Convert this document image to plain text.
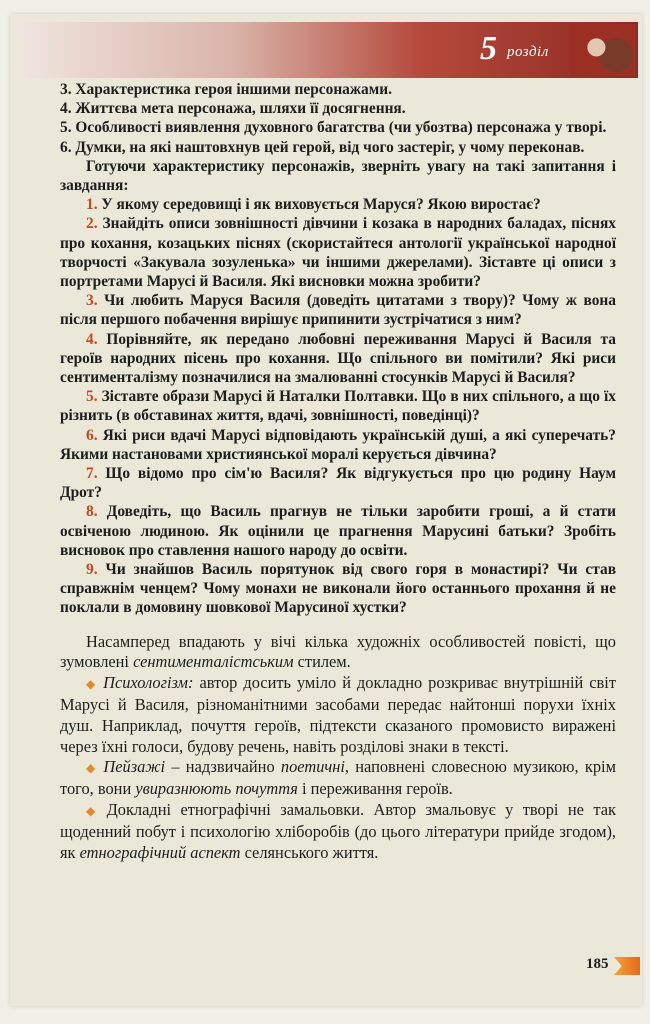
5 розділ

3. Характеристика героя іншими персонажами.

4. Життєва мета персонажа, шляхи її досягнення.

5. Особливості виявлення духовного багатства (чи убозтва) персонажа у творі.

6. Думки, на які наштовхнув цей герой, від чого застеріг, у чому переконав.

Готуючи характеристику персонажів, зверніть увагу на такі запитання і завдання:

1. У якому середовищі і як виховується Маруся? Якою виростає?

2. Знайдіть описи зовнішності дівчини і козака в народних баладах, піснях про кохання, козацьких піснях (скористайтеся антології української народної творчості «Закувала зозуленька» чи іншими джерелами). Зіставте ці описи з портретами Марусі й Василя. Які висновки можна зробити?

3. Чи любить Маруся Василя (доведіть цитатами з твору)? Чому ж вона після першого побачення вирішує припинити зустрічатися з ним?

4. Порівняйте, як передано любовні переживання Марусі й Василя та героїв народних пісень про кохання. Що спільного ви помітили? Які риси сентименталізму позначилися на змалюванні стосунків Марусі й Василя?

5. Зіставте образи Марусі й Наталки Полтавки. Що в них спільного, а що їх різнить (в обставинах життя, вдачі, зовнішності, поведінці)?

6. Які риси вдачі Марусі відповідають українській душі, а які суперечать? Якими настановами християнської моралі керується дівчина?

7. Що відомо про сім'ю Василя? Як відгукується про цю родину Наум Дрот?

8. Доведіть, що Василь прагнув не тільки заробити гроші, а й стати освіченою людиною. Як оцінили це прагнення Марусині батьки? Зробіть висновок про ставлення нашого народу до освіти.

9. Чи знайшов Василь порятунок від свого горя в монастирі? Чи став справжнім ченцем? Чому монахи не виконали його останнього прохання й не поклали в домовину шовкової Марусиної хустки?

Насамперед впадають у вічі кілька художніх особливостей повісті, що зумовлені сентименталістським стилем.

◆ Психологізм: автор досить уміло й докладно розкриває внутрішній світ Марусі й Василя, різноманітними засобами передає найтонші порухи їхніх душ. Наприклад, почуття героїв, підтексти сказаного промовисто виражені через їхні голоси, будову речень, навіть розділові знаки в тексті.

◆ Пейзажі – надзвичайно поетичні, наповнені словесною музикою, крім того, вони увиразнюють почуття і переживання героїв.

◆ Докладні етнографічні замальовки. Автор змальовує у творі не так щоденний побут і психологію хліборобів (до цього літератури прийде згодом), як етнографічний аспект селянського життя.

185
